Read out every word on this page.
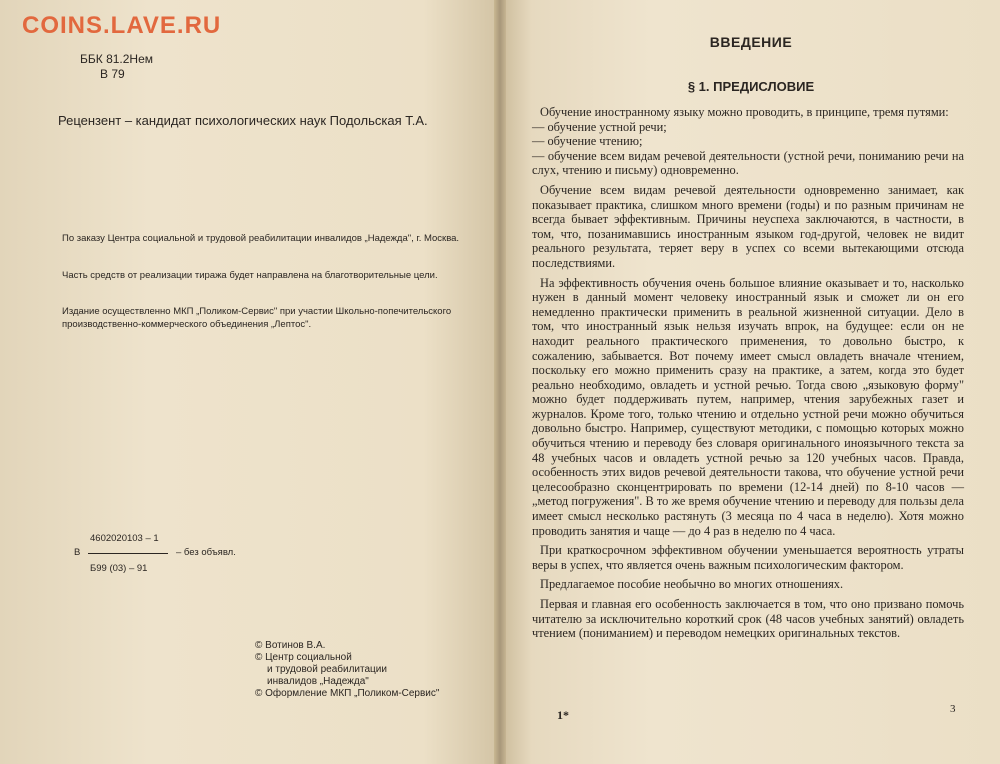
COINS.LAVE.RU
ББК 81.2Нем
В 79
Рецензент – кандидат психологических наук Подольская Т.А.
По заказу Центра социальной и трудовой реабилитации инвалидов „Надежда", г. Москва.
Часть средств от реализации тиража будет направлена на благотворительные цели.
Издание осуществленно МКП „Поликом-Сервис" при участии Школьно-попечительского производственно-коммерческого объединения „Лептос".
4602020103 – 1
В	– без объявл.
Б99 (03) – 91
© Вотинов В.А.
© Центр социальной
и трудовой реабилитации
инвалидов „Надежда"
© Оформление МКП „Поликом-Сервис"
ВВЕДЕНИЕ
§ 1. ПРЕДИСЛОВИЕ

Обучение иностранному языку можно проводить, в принципе, тремя путями:

— обучение устной речи;

— обучение чтению;

— обучение всем видам речевой деятельности (устной речи, пониманию речи на слух, чтению и письму) одновременно.

Обучение всем видам речевой деятельности одновременно занимает, как показывает практика, слишком много времени (годы) и по разным причинам не всегда бывает эффективным. Причины неуспеха заключаются, в частности, в том, что, позанимавшись иностранным языком год-другой, человек не видит реального результата, теряет веру в успех со всеми вытекающими отсюда последствиями.

На эффективность обучения очень большое влияние оказывает и то, насколько нужен в данный момент человеку иностранный язык и сможет ли он его немедленно практически применить в реальной жизненной ситуации. Дело в том, что иностранный язык нельзя изучать впрок, на будущее: если он не находит реального практического применения, то довольно быстро, к сожалению, забывается. Вот почему имеет смысл овладеть вначале чтением, поскольку его можно применить сразу на практике, а затем, когда это будет реально необходимо, овладеть и устной речью. Тогда свою „языковую форму" можно будет поддерживать путем, например, чтения зарубежных газет и журналов. Кроме того, только чтению и отдельно устной речи можно обучиться довольно быстро. Например, существуют методики, с помощью которых можно обучиться чтению и переводу без словаря оригинального иноязычного текста за 48 учебных часов и овладеть устной речью за 120 учебных часов. Правда, особенность этих видов речевой деятельности такова, что обучение устной речи целесообразно сконцентрировать по времени (12-14 дней) по 8-10 часов — „метод погружения". В то же время обучение чтению и переводу для пользы дела имеет смысл несколько растянуть (3 месяца по 4 часа в неделю). Хотя можно проводить занятия и чаще — до 4 раз в неделю по 4 часа.

При краткосрочном эффективном обучении уменьшается вероятность утраты веры в успех, что является очень важным психологическим фактором.

Предлагаемое пособие необычно во многих отношениях.

Первая и главная его особенность заключается в том, что оно призвано помочь читателю за исключительно короткий срок (48 часов учебных занятий) овладеть чтением (пониманием) и переводом немецких оригинальных текстов.

1*	3
